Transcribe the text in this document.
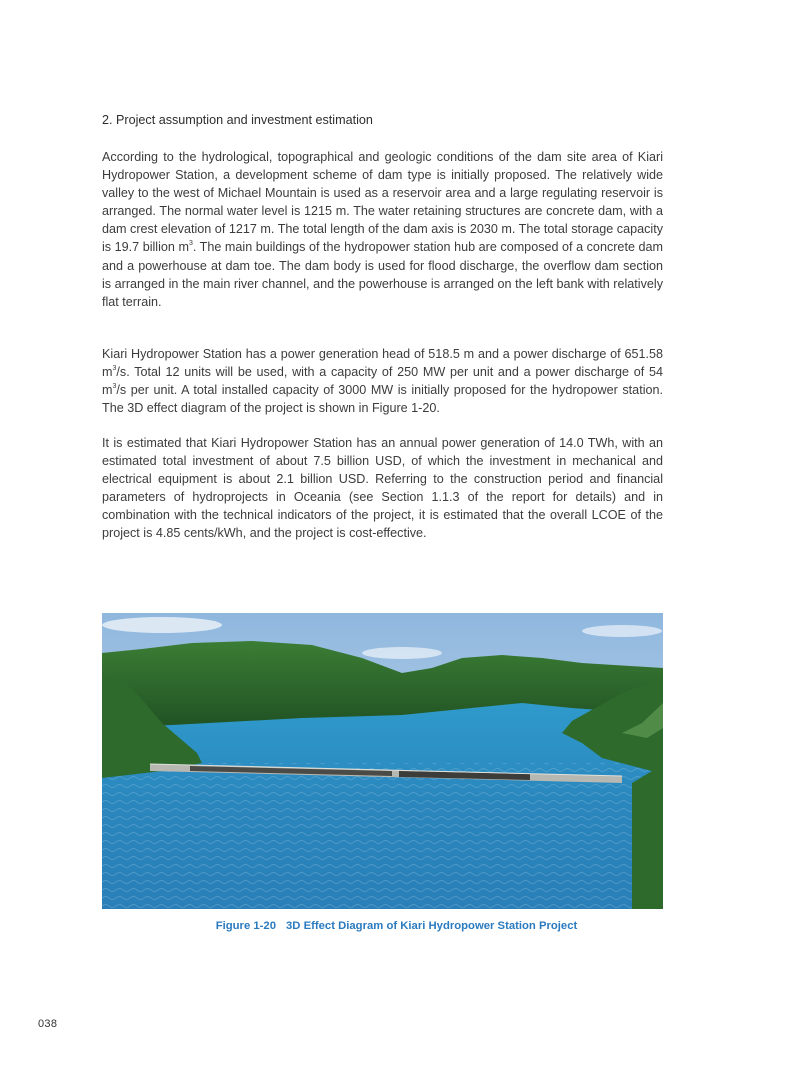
2. Project assumption and investment estimation

According to the hydrological, topographical and geologic conditions of the dam site area of Kiari Hydropower Station, a development scheme of dam type is initially proposed. The relatively wide valley to the west of Michael Mountain is used as a reservoir area and a large regulating reservoir is arranged. The normal water level is 1215 m. The water retaining structures are concrete dam, with a dam crest elevation of 1217 m. The total length of the dam axis is 2030 m. The total storage capacity is 19.7 billion $m^3$. The main buildings of the hydropower station hub are composed of a concrete dam and a powerhouse at dam toe. The dam body is used for flood discharge, the overflow dam section is arranged in the main river channel, and the powerhouse is arranged on the left bank with relatively flat terrain.

Kiari Hydropower Station has a power generation head of 518.5 m and a power discharge of 651.58 $m^3/s$. Total 12 units will be used, with a capacity of 250 MW per unit and a power discharge of 54 $m^3/s$ per unit. A total installed capacity of 3000 MW is initially proposed for the hydropower station. The 3D effect diagram of the project is shown in Figure 1-20.

It is estimated that Kiari Hydropower Station has an annual power generation of 14.0 TWh, with an estimated total investment of about 7.5 billion USD, of which the investment in mechanical and electrical equipment is about 2.1 billion USD. Referring to the construction period and financial parameters of hydroprojects in Oceania (see Section 1.1.3 of the report for details) and in combination with the technical indicators of the project, it is estimated that the overall LCOE of the project is 4.85 cents/kWh, and the project is cost-effective.

Figure 1-20 3D Effect Diagram of Kiari Hydropower Station Project
038
